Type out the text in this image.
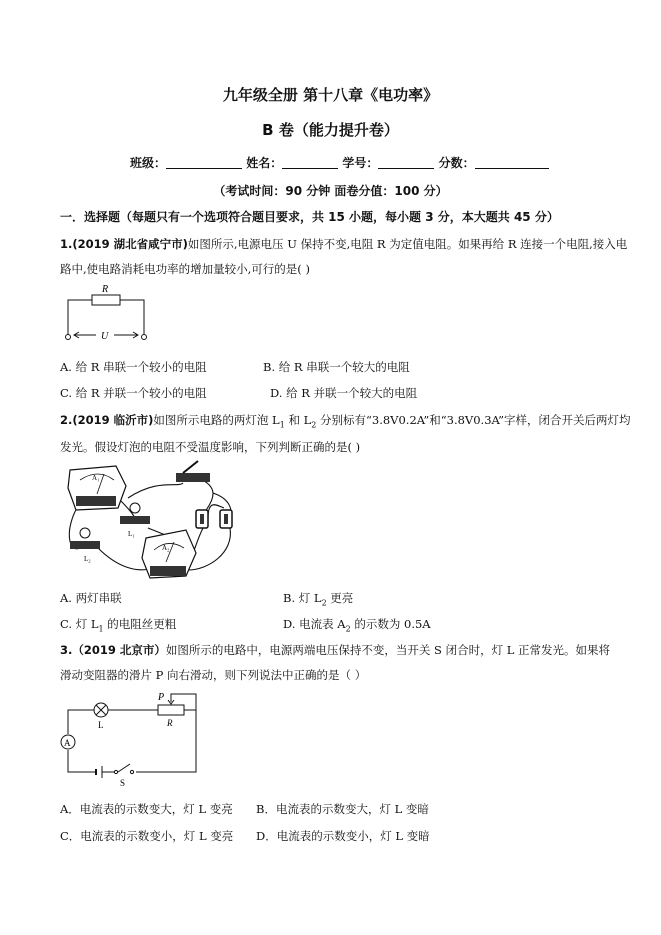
九年级全册 第十八章《电功率》
B 卷（能力提升卷）
班级：	姓名：	学号：	分数：
（考试时间：90 分钟 面卷分值：100 分）
一．选择题（每题只有一个选项符合题目要求，共 15 小题，每小题 3 分，本大题共 45 分）
1.(2019 湖北省咸宁市)如图所示,电源电压 U 保持不变,电阻 R 为定值电阻。如果再给 R 连接一个电阻,接入电
路中,使电路消耗电功率的增加量较小,可行的是( )
R
U
A. 给 R 串联一个较小的电阻	B. 给 R 串联一个较大的电阻
C. 给 R 并联一个较小的电阻	D. 给 R 并联一个较大的电阻
2.(2019 临沂市)如图所示电路的两灯泡 $L_1$ 和 $L_2$ 分别标有“3.8V0.2A”和“3.8V0.3A”字样，闭合开关后两灯均
发光。假设灯泡的电阻不受温度影响，下列判断正确的是( )
A₁
L₁
L₂
A₂
A. 两灯串联	B. 灯 $L_2$ 更亮
C. 灯 $L_1$ 的电阻丝更粗	D. 电流表 $A_2$ 的示数为 0.5A
3.（2019 北京市）如图所示的电路中，电源两端电压保持不变，当开关 S 闭合时，灯 L 正常发光。如果将
滑动变阻器的滑片 P 向右滑动，则下列说法中正确的是（ ）
P
R
L
A
S
A．电流表的示数变大，灯 L 变亮 B．电流表的示数变大，灯 L 变暗
C．电流表的示数变小，灯 L 变亮 D．电流表的示数变小，灯 L 变暗
